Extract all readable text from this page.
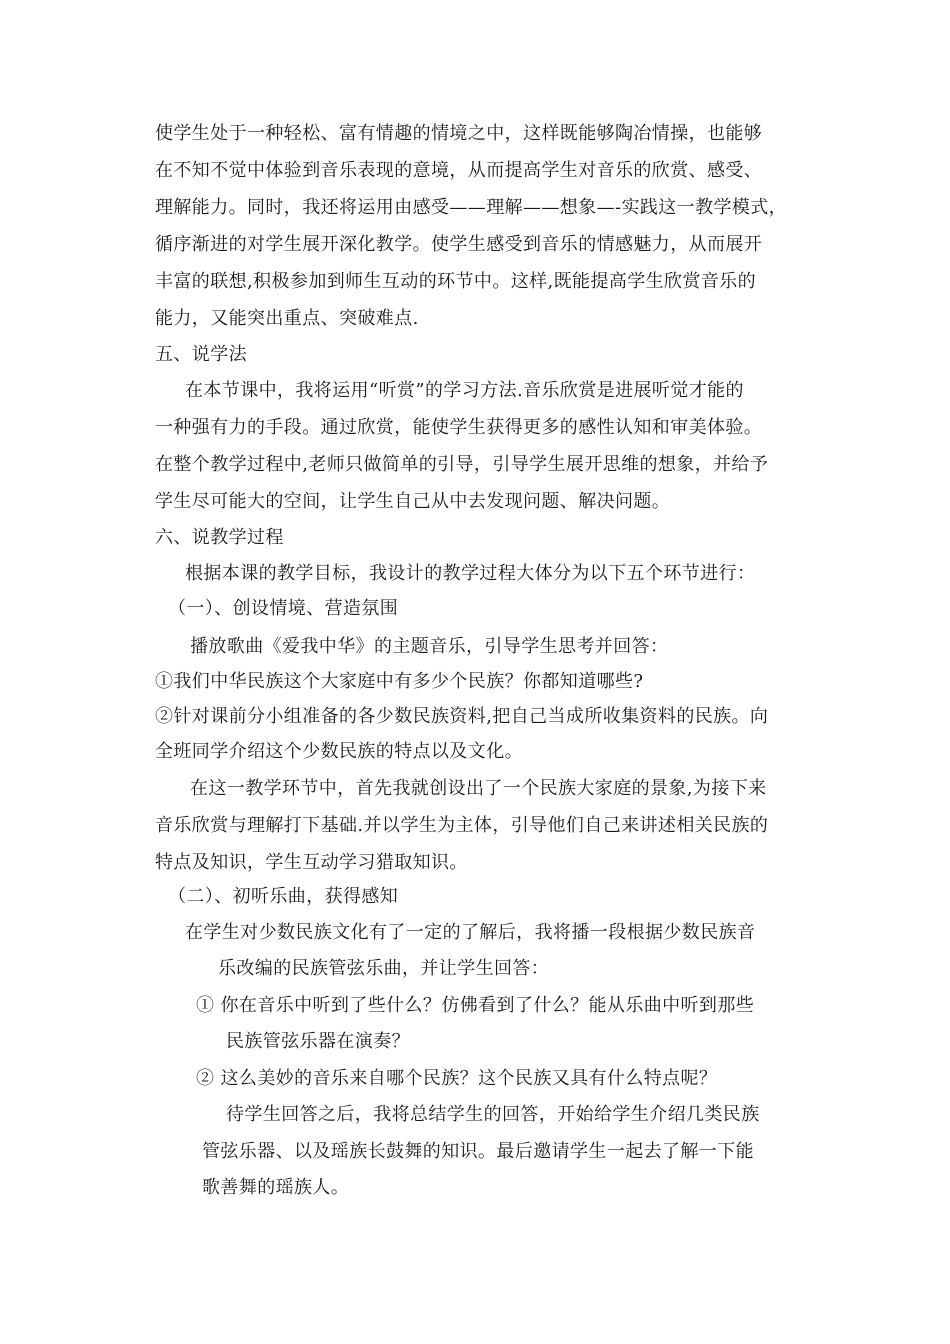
使学生处于一种轻松、富有情趣的情境之中，这样既能够陶冶情操，也能够
在不知不觉中体验到音乐表现的意境，从而提高学生对音乐的欣赏、感受、
理解能力。同时，我还将运用由感受——理解——想象—-实践这一教学模式，
循序渐进的对学生展开深化教学。使学生感受到音乐的情感魅力，从而展开
丰富的联想,积极参加到师生互动的环节中。这样,既能提高学生欣赏音乐的
能力，又能突出重点、突破难点.
五、说学法
在本节课中，我将运用“听赏”的学习方法.音乐欣赏是进展听觉才能的
一种强有力的手段。通过欣赏，能使学生获得更多的感性认知和审美体验。
在整个教学过程中,老师只做简单的引导，引导学生展开思维的想象，并给予
学生尽可能大的空间，让学生自己从中去发现问题、解决问题。
六、说教学过程
根据本课的教学目标，我设计的教学过程大体分为以下五个环节进行：
（一）、创设情境、营造氛围
播放歌曲《爱我中华》的主题音乐，引导学生思考并回答：
①我们中华民族这个大家庭中有多少个民族？你都知道哪些?
②针对课前分小组准备的各少数民族资料,把自己当成所收集资料的民族。向
全班同学介绍这个少数民族的特点以及文化。
在这一教学环节中，首先我就创设出了一个民族大家庭的景象,为接下来
音乐欣赏与理解打下基础.并以学生为主体，引导他们自己来讲述相关民族的
特点及知识，学生互动学习猎取知识。
（二）、初听乐曲，获得感知
在学生对少数民族文化有了一定的了解后，我将播一段根据少数民族音
乐改编的民族管弦乐曲，并让学生回答：
① 你在音乐中听到了些什么？仿佛看到了什么？能从乐曲中听到那些
民族管弦乐器在演奏？
② 这么美妙的音乐来自哪个民族？这个民族又具有什么特点呢？
待学生回答之后，我将总结学生的回答，开始给学生介绍几类民族
管弦乐器、以及瑶族长鼓舞的知识。最后邀请学生一起去了解一下能
歌善舞的瑶族人。
